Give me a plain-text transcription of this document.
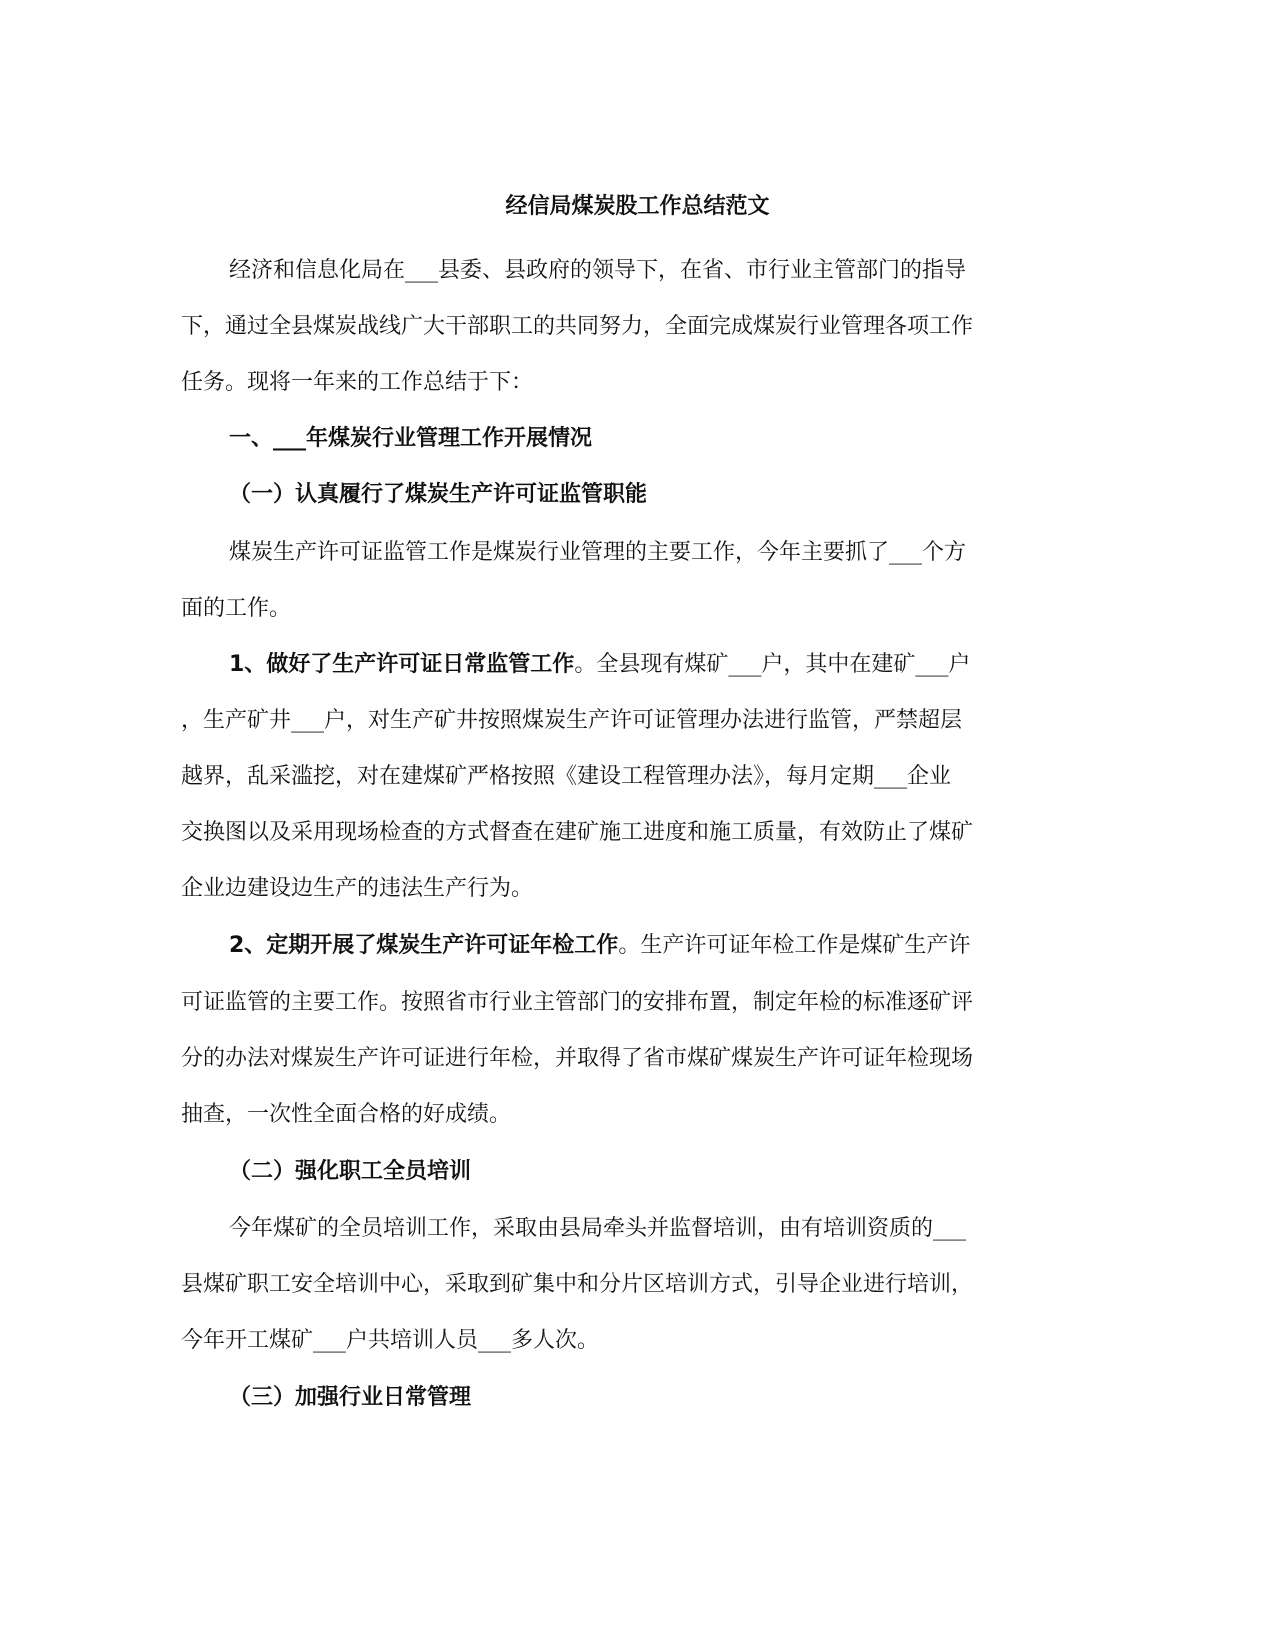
经信局煤炭股工作总结范文
经济和信息化局在___县委、县政府的领导下，在省、市行业主管部门的指导
下，通过全县煤炭战线广大干部职工的共同努力，全面完成煤炭行业管理各项工作
任务。现将一年来的工作总结于下：
一、___年煤炭行业管理工作开展情况
（一）认真履行了煤炭生产许可证监管职能
煤炭生产许可证监管工作是煤炭行业管理的主要工作，今年主要抓了___个方
面的工作。
1、做好了生产许可证日常监管工作。全县现有煤矿___户，其中在建矿___户
，生产矿井___户，对生产矿井按照煤炭生产许可证管理办法进行监管，严禁超层
越界，乱采滥挖，对在建煤矿严格按照《建设工程管理办法》，每月定期___企业
交换图以及采用现场检查的方式督查在建矿施工进度和施工质量，有效防止了煤矿
企业边建设边生产的违法生产行为。
2、定期开展了煤炭生产许可证年检工作。生产许可证年检工作是煤矿生产许
可证监管的主要工作。按照省市行业主管部门的安排布置，制定年检的标准逐矿评
分的办法对煤炭生产许可证进行年检，并取得了省市煤矿煤炭生产许可证年检现场
抽查，一次性全面合格的好成绩。
（二）强化职工全员培训
今年煤矿的全员培训工作，采取由县局牵头并监督培训，由有培训资质的___
县煤矿职工安全培训中心，采取到矿集中和分片区培训方式，引导企业进行培训，
今年开工煤矿___户共培训人员___多人次。
（三）加强行业日常管理
